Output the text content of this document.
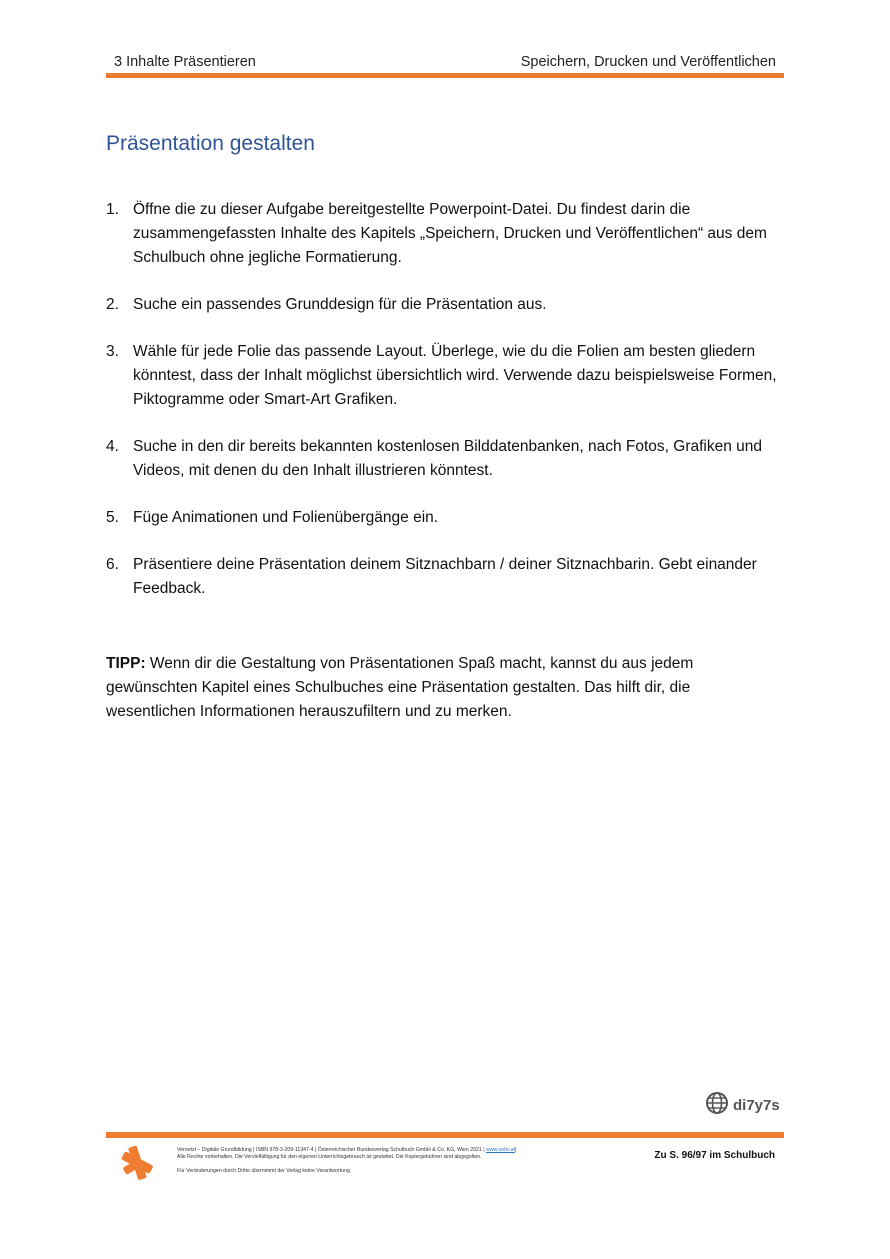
3 Inhalte Präsentieren	Speichern, Drucken und Veröffentlichen
Präsentation gestalten
1. Öffne die zu dieser Aufgabe bereitgestellte Powerpoint-Datei. Du findest darin die zusammengefassten Inhalte des Kapitels „Speichern, Drucken und Veröffentlichen“ aus dem Schulbuch ohne jegliche Formatierung.
2. Suche ein passendes Grunddesign für die Präsentation aus.
3. Wähle für jede Folie das passende Layout. Überlege, wie du die Folien am besten gliedern könntest, dass der Inhalt möglichst übersichtlich wird. Verwende dazu beispielsweise Formen, Piktogramme oder Smart-Art Grafiken.
4. Suche in den dir bereits bekannten kostenlosen Bilddatenbanken, nach Fotos, Grafiken und Videos, mit denen du den Inhalt illustrieren könntest.
5. Füge Animationen und Folienübergänge ein.
6. Präsentiere deine Präsentation deinem Sitznachbarn / deiner Sitznachbarin. Gebt einander Feedback.

TIPP: Wenn dir die Gestaltung von Präsentationen Spaß macht, kannst du aus jedem gewünschten Kapitel eines Schulbuches eine Präsentation gestalten. Das hilft dir, die wesentlichen Informationen herauszufiltern und zu merken.

di7y7s
Vernetzt – Digitale Grundbildung | ISBN 978-3-209-11347-4 | Österreichischer Bundesverlag Schulbuch GmbH & Co. KG, Wien 2021 | www.oebv.at|
Alle Rechte vorbehalten. Die Vervielfältigung für den eigenen Unterrichtsgebrauch ist gestattet. Die Kopiergebühren sind abgegolten.
Für Veränderungen durch Dritte übernimmt der Verlag keine Verantwortung.
Zu S. 96/97 im Schulbuch
